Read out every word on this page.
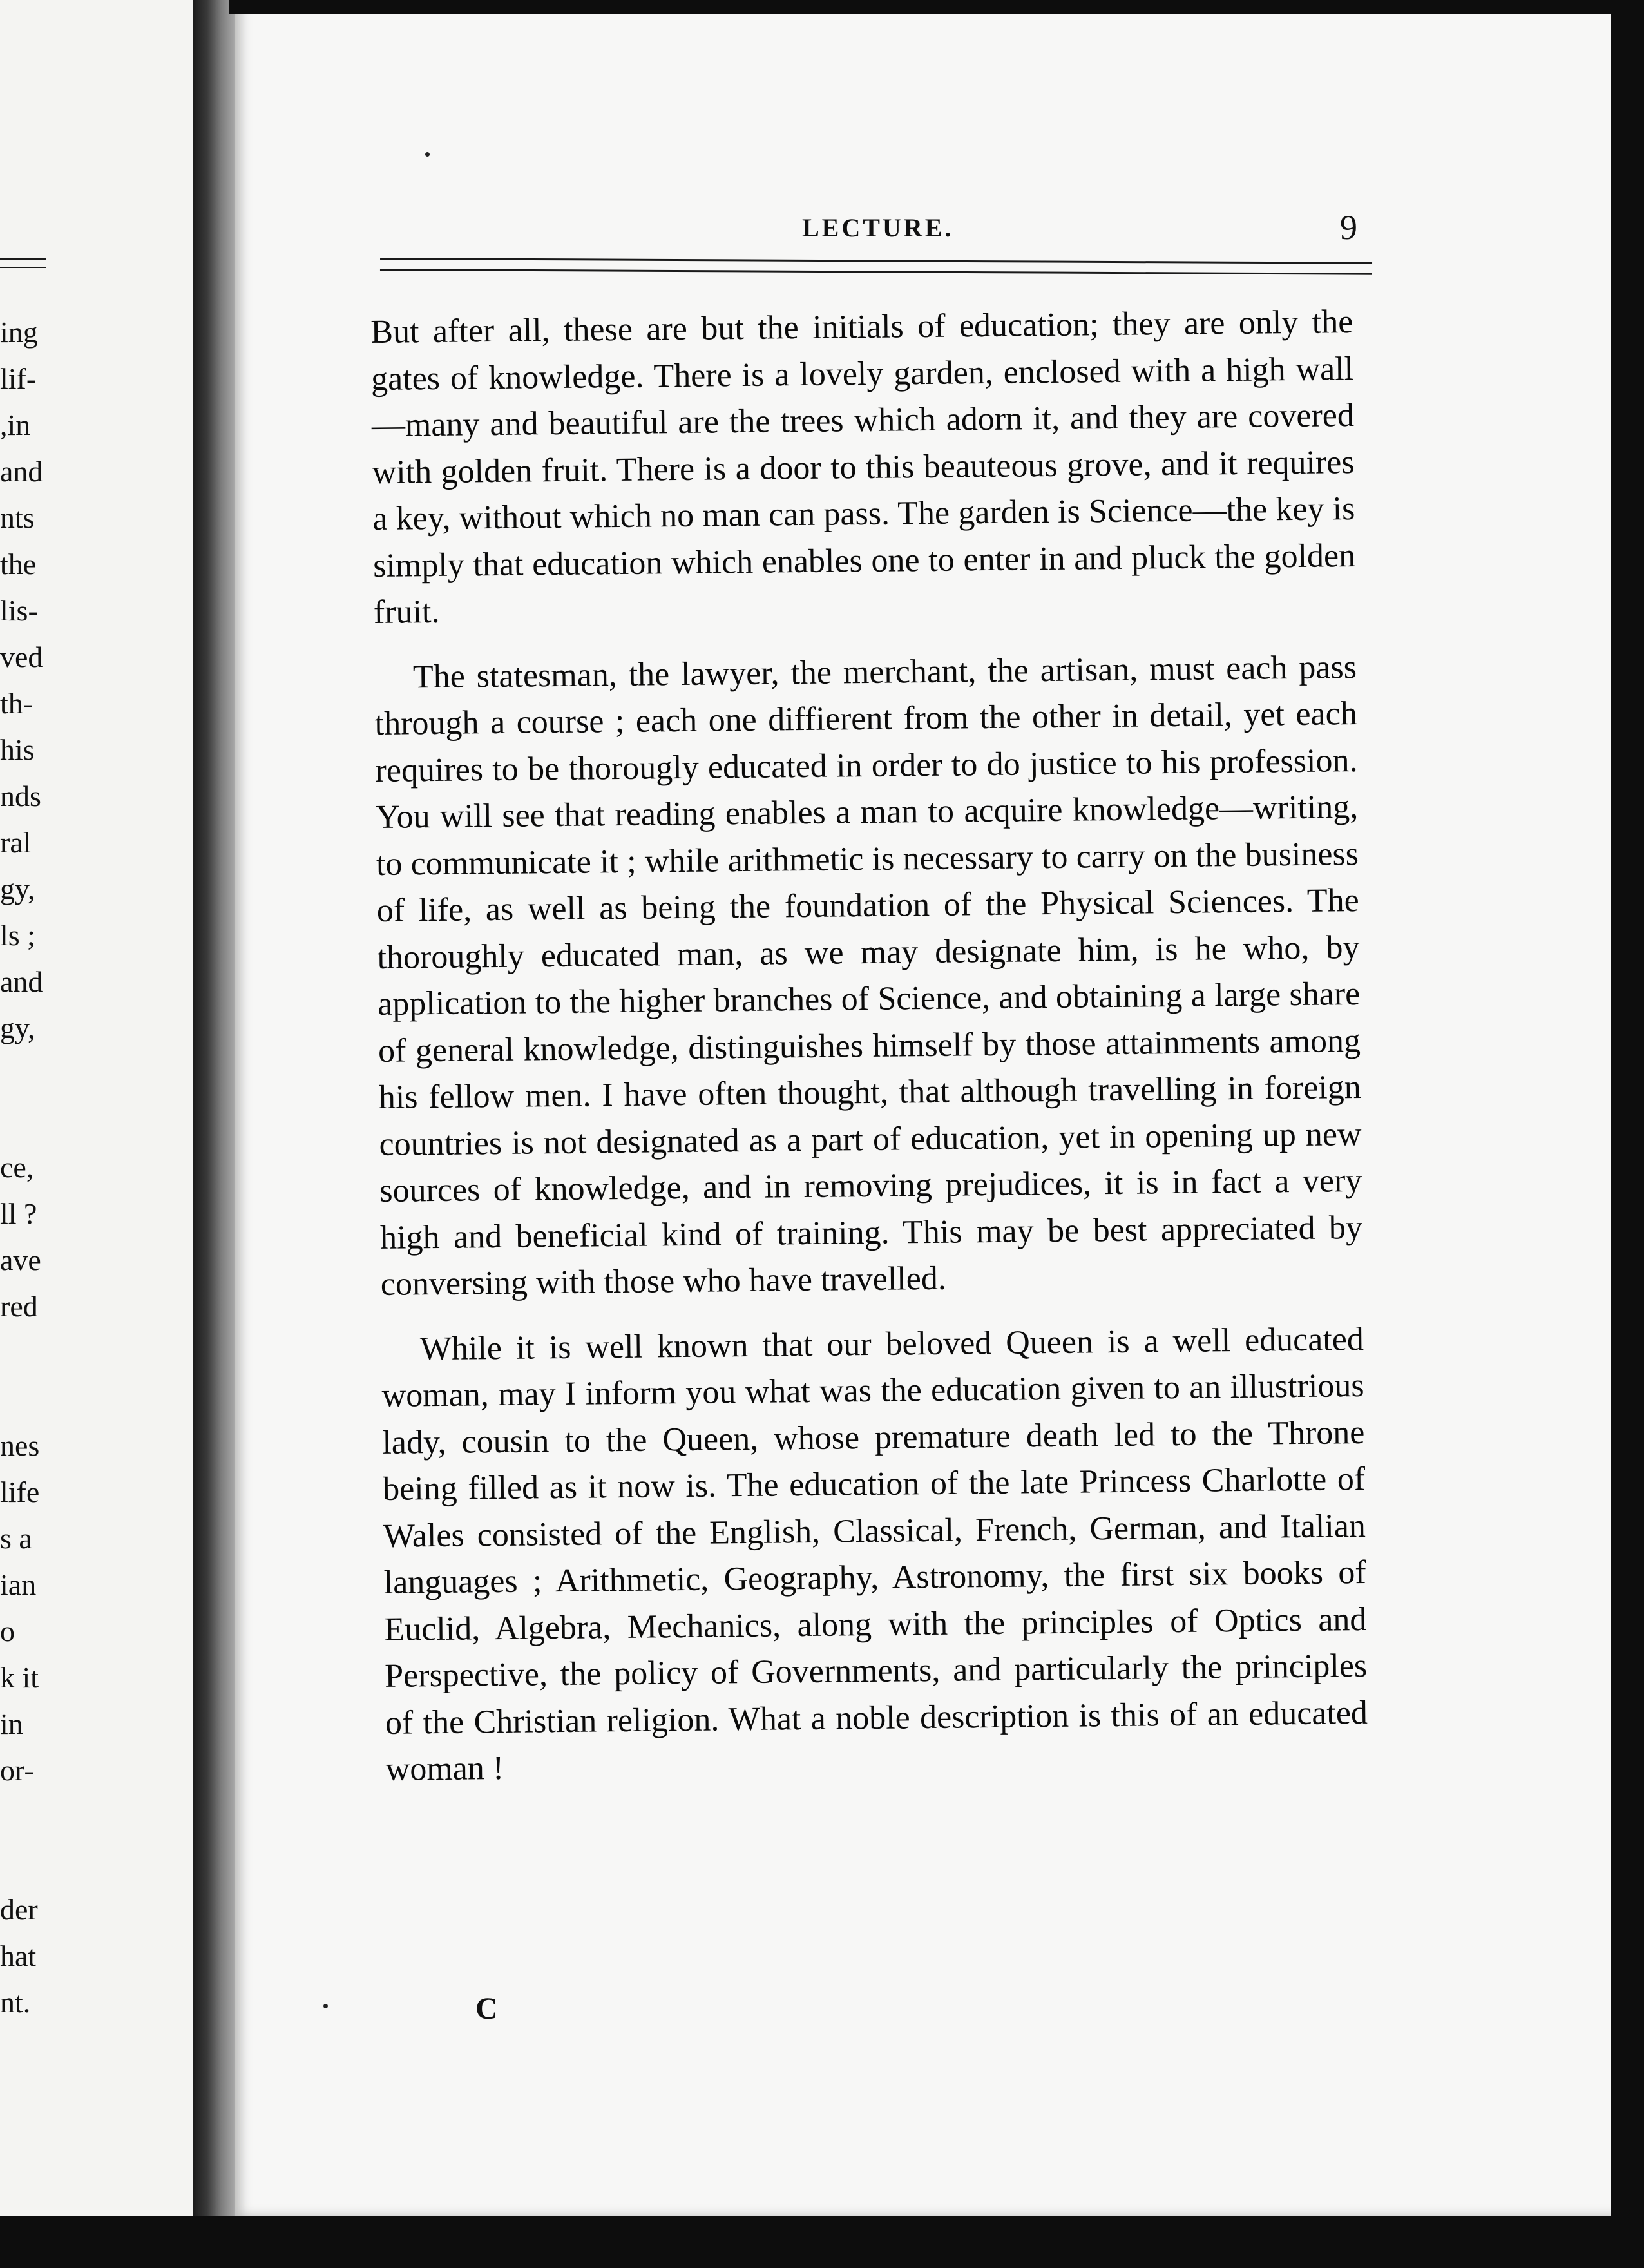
ing
lif-
,in
and
nts
the
lis-
ved
th-
his
nds
ral
gy,
ls ;
and
gy,
ce,
ll ?
ave
red
nes
life
s a
ian
o
k it
in
or-
der
hat
nt.
LECTURE.	9

But after all, these are but the initials of education; they are only the gates of knowledge. There is a lovely garden, enclosed with a high wall—many and beautiful are the trees which adorn it, and they are covered with golden fruit. There is a door to this beauteous grove, and it requires a key, without which no man can pass. The garden is Science—the key is simply that education which enables one to enter in and pluck the golden fruit.

The statesman, the lawyer, the merchant, the artisan, must each pass through a course ; each one diffierent from the other in detail, yet each requires to be thorougly educated in order to do justice to his profession. You will see that reading enables a man to acquire knowledge—writing, to communicate it ; while arithmetic is necessary to carry on the business of life, as well as being the foundation of the Physical Sciences. The thoroughly educated man, as we may designate him, is he who, by application to the higher branches of Science, and obtaining a large share of general knowledge, distinguishes himself by those attainments among his fellow men. I have often thought, that although travelling in foreign countries is not designated as a part of education, yet in opening up new sources of knowledge, and in removing prejudices, it is in fact a very high and beneficial kind of training. This may be best appreciated by conversing with those who have travelled.

While it is well known that our beloved Queen is a well educated woman, may I inform you what was the education given to an illustrious lady, cousin to the Queen, whose premature death led to the Throne being filled as it now is. The education of the late Princess Charlotte of Wales consisted of the English, Classical, French, German, and Italian languages ; Arithmetic, Geography, Astronomy, the first six books of Euclid, Algebra, Mechanics, along with the principles of Optics and Perspective, the policy of Governments, and particularly the principles of the Christian religion. What a noble description is this of an educated woman !

C
